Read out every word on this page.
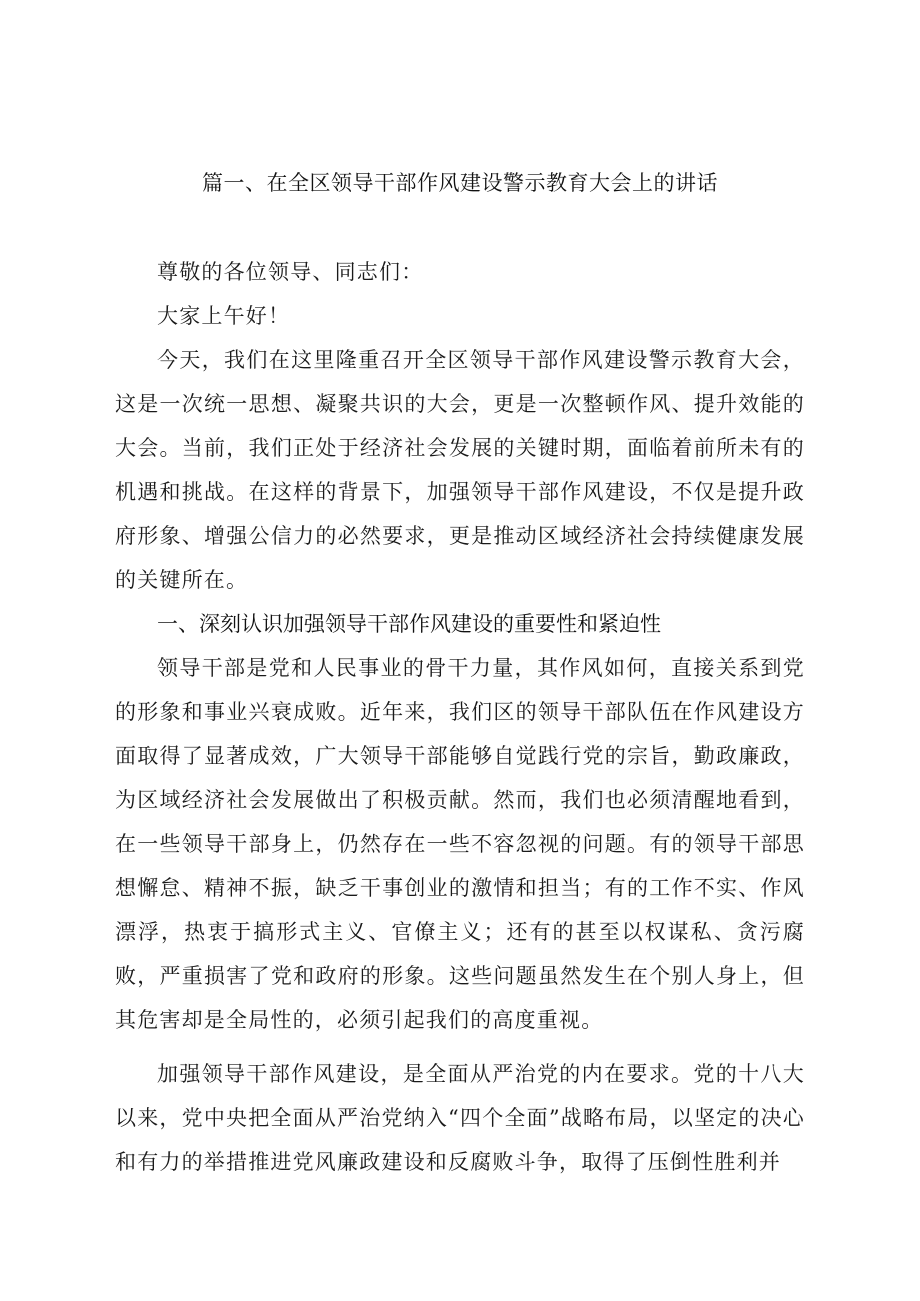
篇一、在全区领导干部作风建设警示教育大会上的讲话

尊敬的各位领导、同志们：

大家上午好！

今天，我们在这里隆重召开全区领导干部作风建设警示教育大会，这是一次统一思想、凝聚共识的大会，更是一次整顿作风、提升效能的大会。当前，我们正处于经济社会发展的关键时期，面临着前所未有的机遇和挑战。在这样的背景下，加强领导干部作风建设，不仅是提升政府形象、增强公信力的必然要求，更是推动区域经济社会持续健康发展的关键所在。

一、深刻认识加强领导干部作风建设的重要性和紧迫性

领导干部是党和人民事业的骨干力量，其作风如何，直接关系到党的形象和事业兴衰成败。近年来，我们区的领导干部队伍在作风建设方面取得了显著成效，广大领导干部能够自觉践行党的宗旨，勤政廉政，为区域经济社会发展做出了积极贡献。然而，我们也必须清醒地看到，在一些领导干部身上，仍然存在一些不容忽视的问题。有的领导干部思想懈怠、精神不振，缺乏干事创业的激情和担当；有的工作不实、作风漂浮，热衷于搞形式主义、官僚主义；还有的甚至以权谋私、贪污腐败，严重损害了党和政府的形象。这些问题虽然发生在个别人身上，但其危害却是全局性的，必须引起我们的高度重视。

加强领导干部作风建设，是全面从严治党的内在要求。党的十八大以来，党中央把全面从严治党纳入“四个全面”战略布局，以坚定的决心和有力的举措推进党风廉政建设和反腐败斗争，取得了压倒性胜利并
